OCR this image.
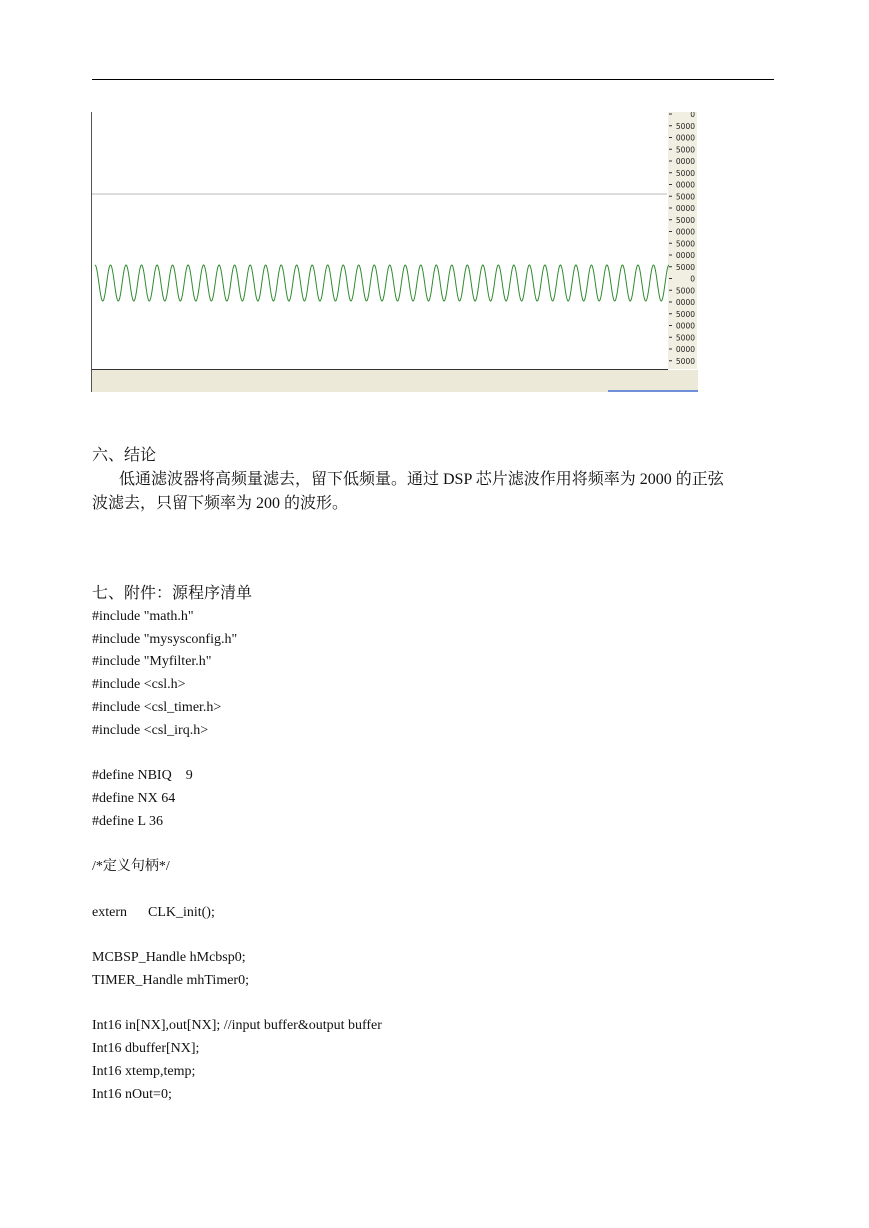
0
5000
0000
5000
0000
5000
0000
5000
0000
5000
0000
5000
0000
5000
0
5000
0000
5000
0000
5000
0000
5000
六、结论

低通滤波器将高频量滤去，留下低频量。通过 DSP 芯片滤波作用将频率为 2000 的正弦

波滤去，只留下频率为 200 的波形。

七、附件：源程序清单
#include "math.h"
#include "mysysconfig.h"
#include "Myfilter.h"
#include <csl.h>
#include <csl_timer.h>
#include <csl_irq.h>
#define NBIQ    9
#define NX 64
#define L 36
/*定义句柄*/
extern      CLK_init();
MCBSP_Handle hMcbsp0;
TIMER_Handle mhTimer0;
Int16 in[NX],out[NX]; //input buffer&output buffer
Int16 dbuffer[NX];
Int16 xtemp,temp;
Int16 nOut=0;
